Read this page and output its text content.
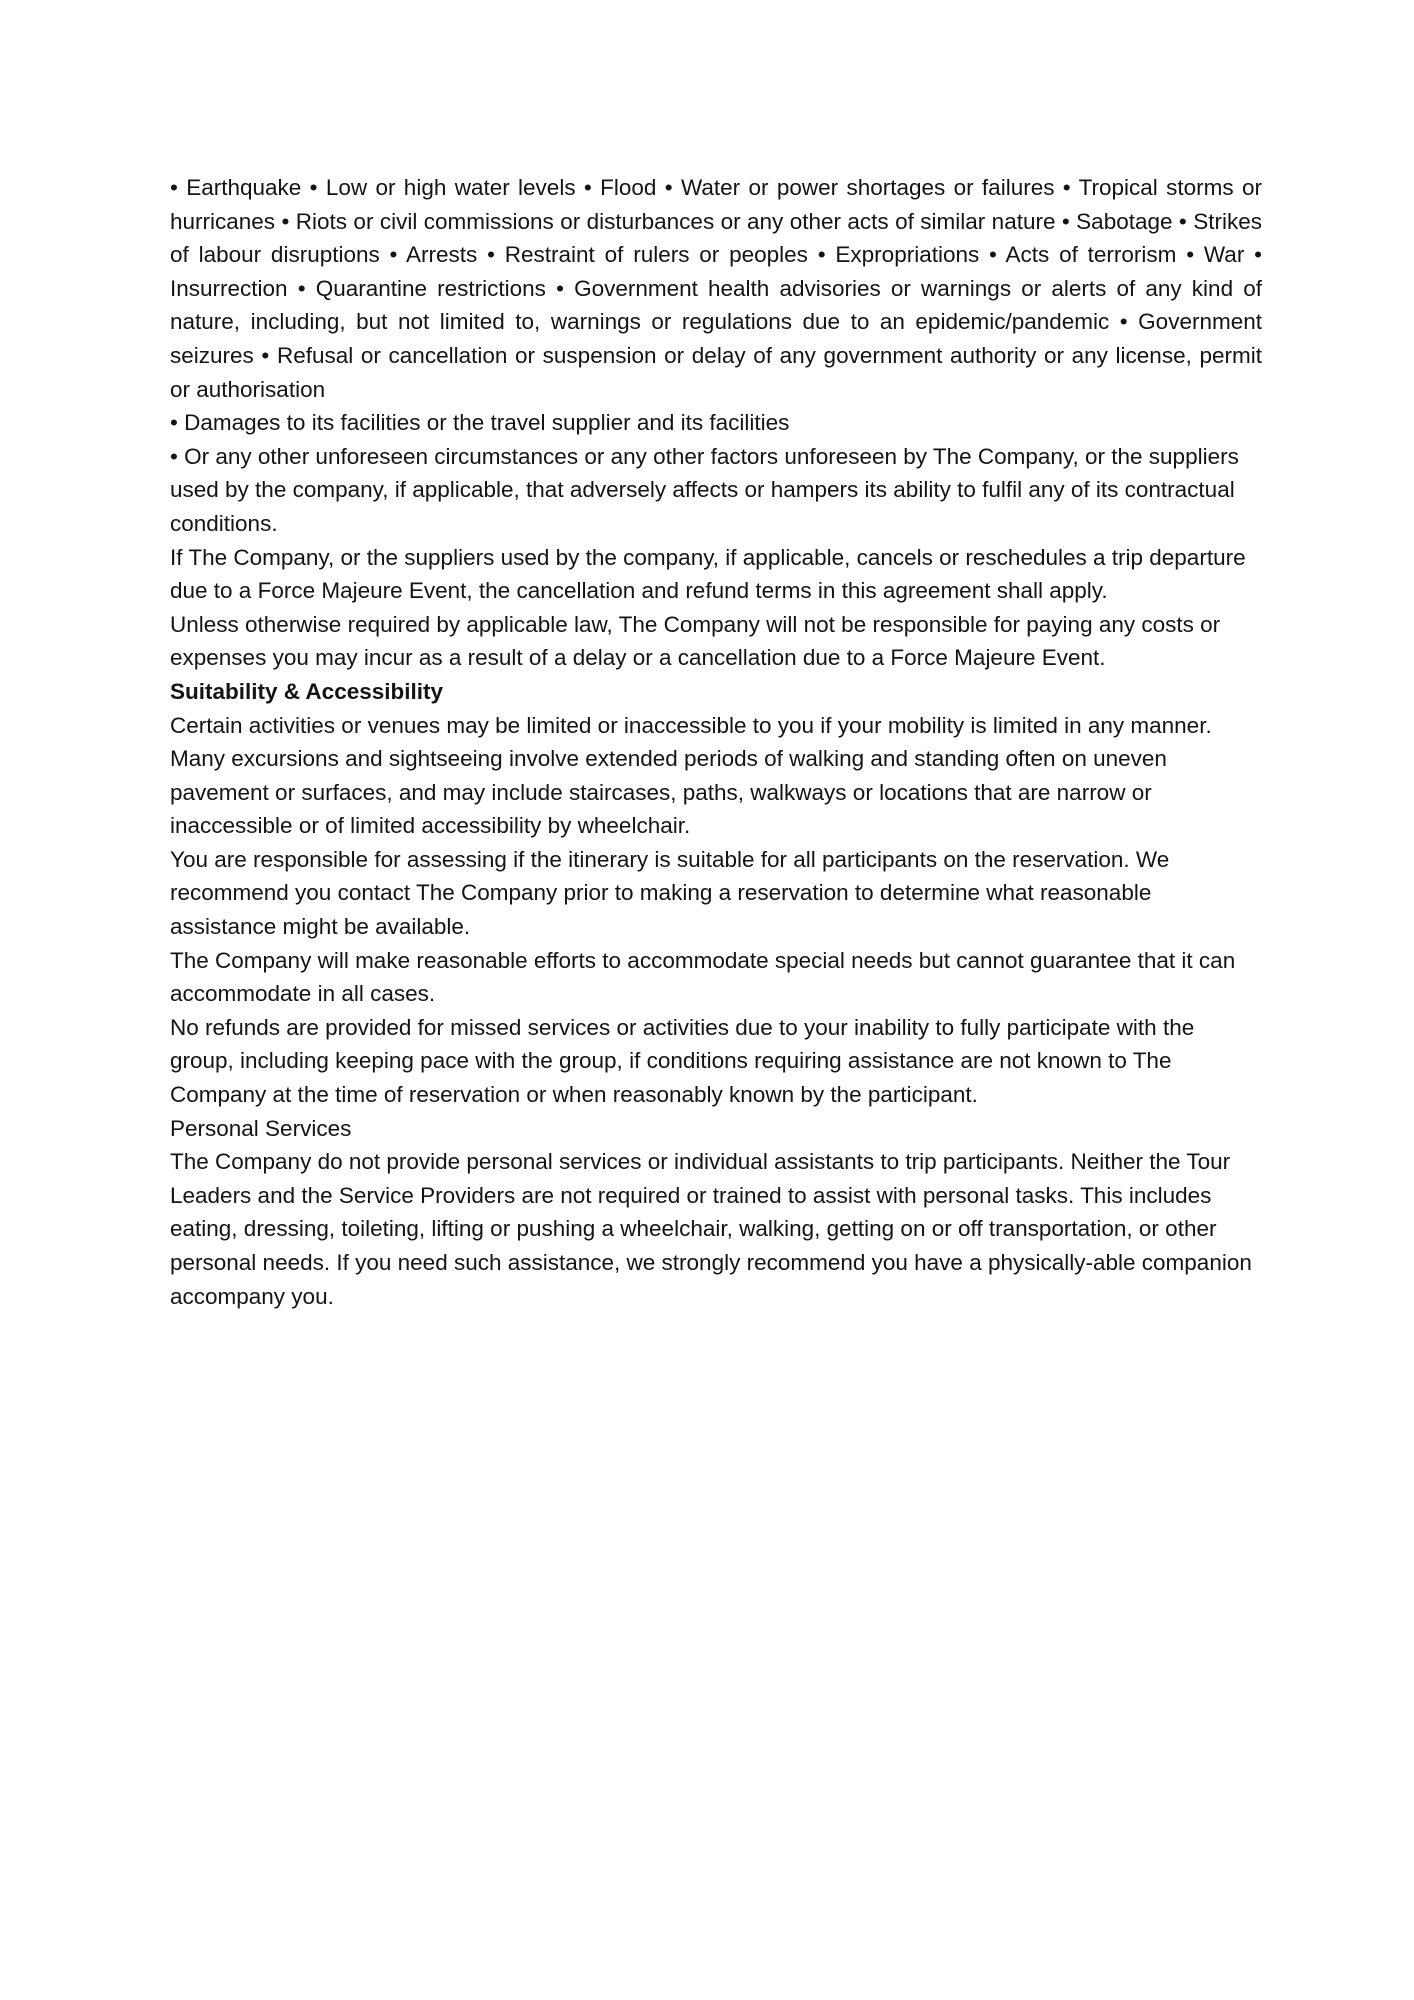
• Earthquake • Low or high water levels • Flood • Water or power shortages or failures • Tropical storms or hurricanes • Riots or civil commissions or disturbances or any other acts of similar nature • Sabotage • Strikes of labour disruptions • Arrests • Restraint of rulers or peoples • Expropriations • Acts of terrorism • War • Insurrection • Quarantine restrictions • Government health advisories or warnings or alerts of any kind of nature, including, but not limited to, warnings or regulations due to an epidemic/pandemic • Government seizures • Refusal or cancellation or suspension or delay of any government authority or any license, permit or authorisation

• Damages to its facilities or the travel supplier and its facilities

• Or any other unforeseen circumstances or any other factors unforeseen by The Company, or the suppliers used by the company, if applicable, that adversely affects or hampers its ability to fulfil any of its contractual conditions.

If The Company, or the suppliers used by the company, if applicable, cancels or reschedules a trip departure due to a Force Majeure Event, the cancellation and refund terms in this agreement shall apply.

Unless otherwise required by applicable law, The Company will not be responsible for paying any costs or expenses you may incur as a result of a delay or a cancellation due to a Force Majeure Event.

Suitability & Accessibility

Certain activities or venues may be limited or inaccessible to you if your mobility is limited in any manner. Many excursions and sightseeing involve extended periods of walking and standing often on uneven pavement or surfaces, and may include staircases, paths, walkways or locations that are narrow or inaccessible or of limited accessibility by wheelchair.

You are responsible for assessing if the itinerary is suitable for all participants on the reservation. We recommend you contact The Company prior to making a reservation to determine what reasonable assistance might be available.

The Company will make reasonable efforts to accommodate special needs but cannot guarantee that it can accommodate in all cases.

No refunds are provided for missed services or activities due to your inability to fully participate with the group, including keeping pace with the group, if conditions requiring assistance are not known to The Company at the time of reservation or when reasonably known by the participant.

Personal Services

The Company do not provide personal services or individual assistants to trip participants. Neither the Tour Leaders and the Service Providers are not required or trained to assist with personal tasks. This includes eating, dressing, toileting, lifting or pushing a wheelchair, walking, getting on or off transportation, or other personal needs. If you need such assistance, we strongly recommend you have a physically-able companion accompany you.
